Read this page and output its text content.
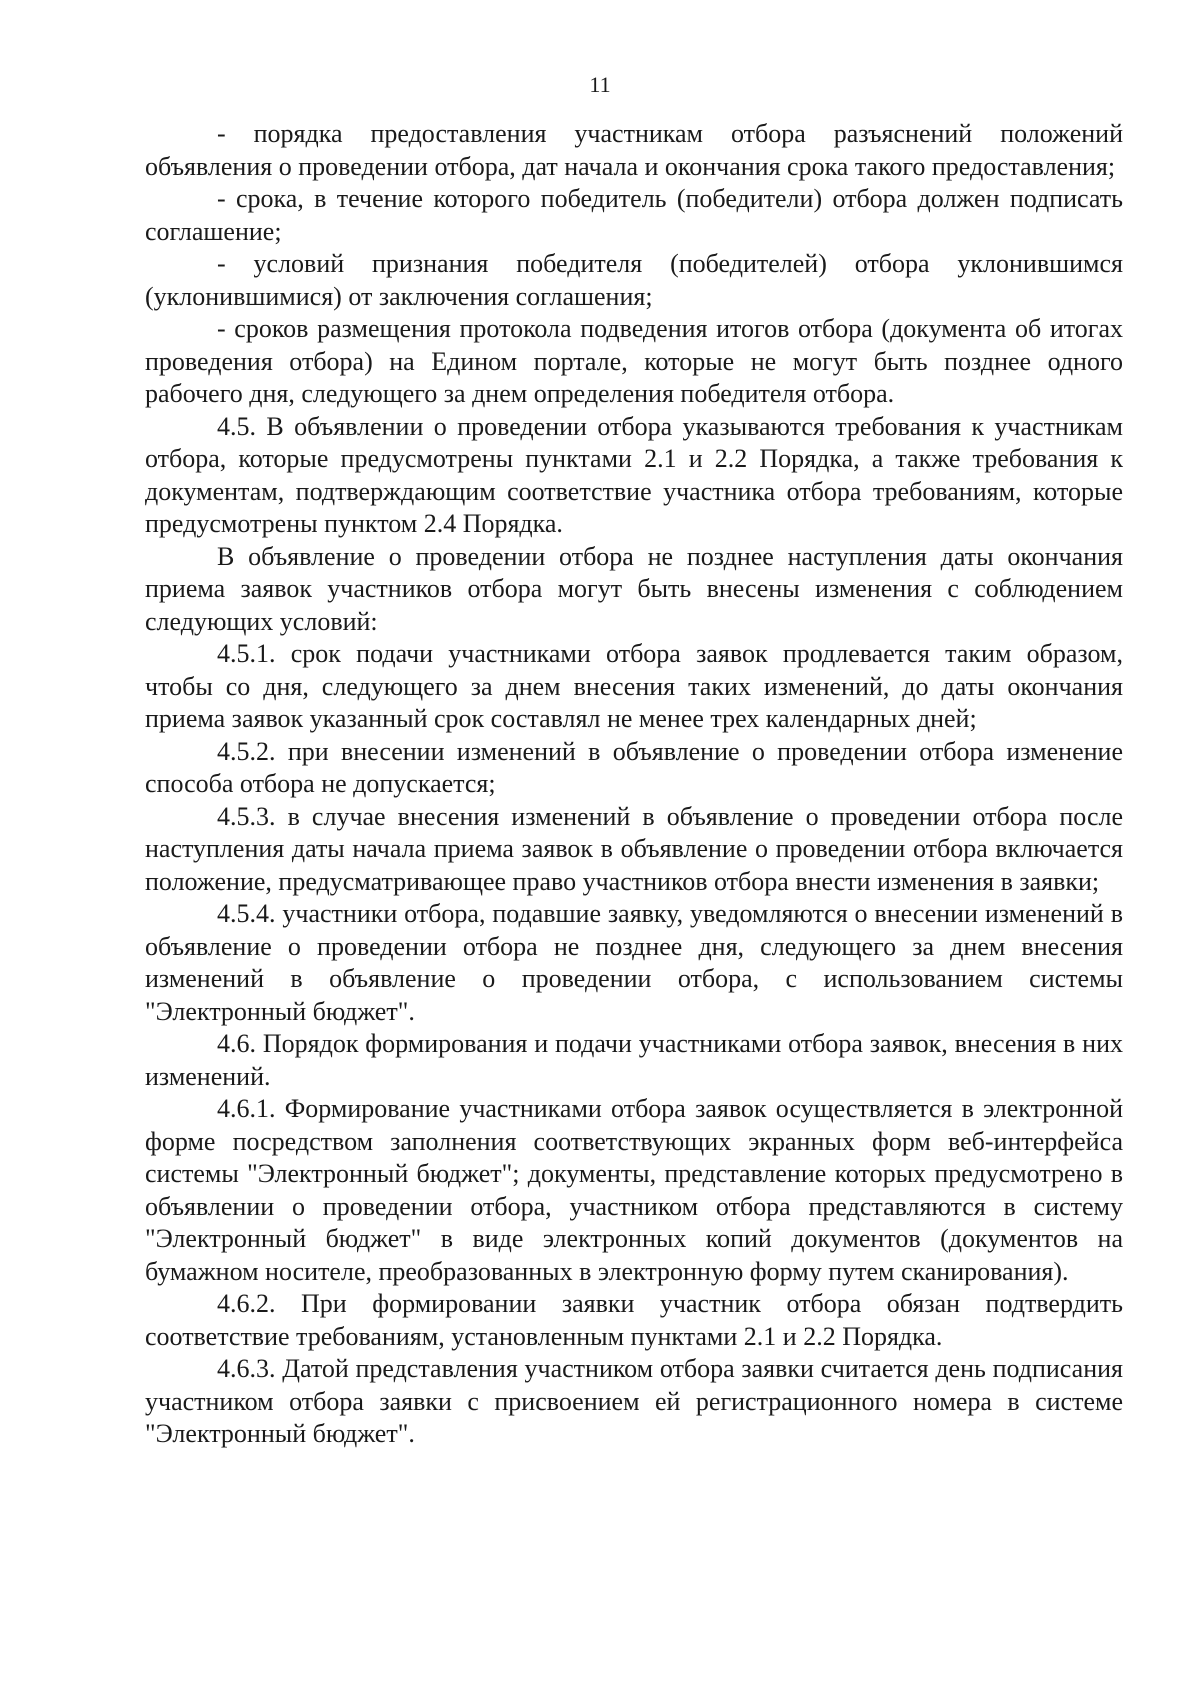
11

- порядка предоставления участникам отбора разъяснений положений объявления о проведении отбора, дат начала и окончания срока такого предоставления;

- срока, в течение которого победитель (победители) отбора должен подписать соглашение;

- условий признания победителя (победителей) отбора уклонившимся (уклонившимися) от заключения соглашения;

- сроков размещения протокола подведения итогов отбора (документа об итогах проведения отбора) на Едином портале, которые не могут быть позднее одного рабочего дня, следующего за днем определения победителя отбора.

4.5. В объявлении о проведении отбора указываются требования к участникам отбора, которые предусмотрены пунктами 2.1 и 2.2 Порядка, а также требования к документам, подтверждающим соответствие участника отбора требованиям, которые предусмотрены пунктом 2.4 Порядка.

В объявление о проведении отбора не позднее наступления даты окончания приема заявок участников отбора могут быть внесены изменения с соблюдением следующих условий:

4.5.1. срок подачи участниками отбора заявок продлевается таким образом, чтобы со дня, следующего за днем внесения таких изменений, до даты окончания приема заявок указанный срок составлял не менее трех календарных дней;

4.5.2. при внесении изменений в объявление о проведении отбора изменение способа отбора не допускается;

4.5.3. в случае внесения изменений в объявление о проведении отбора после наступления даты начала приема заявок в объявление о проведении отбора включается положение, предусматривающее право участников отбора внести изменения в заявки;

4.5.4. участники отбора, подавшие заявку, уведомляются о внесении изменений в объявление о проведении отбора не позднее дня, следующего за днем внесения изменений в объявление о проведении отбора, с использованием системы "Электронный бюджет".

4.6. Порядок формирования и подачи участниками отбора заявок, внесения в них изменений.

4.6.1. Формирование участниками отбора заявок осуществляется в электронной форме посредством заполнения соответствующих экранных форм веб-интерфейса системы "Электронный бюджет"; документы, представление которых предусмотрено в объявлении о проведении отбора, участником отбора представляются в систему "Электронный бюджет" в виде электронных копий документов (документов на бумажном носителе, преобразованных в электронную форму путем сканирования).

4.6.2. При формировании заявки участник отбора обязан подтвердить соответствие требованиям, установленным пунктами 2.1 и 2.2 Порядка.

4.6.3. Датой представления участником отбора заявки считается день подписания участником отбора заявки с присвоением ей регистрационного номера в системе "Электронный бюджет".
